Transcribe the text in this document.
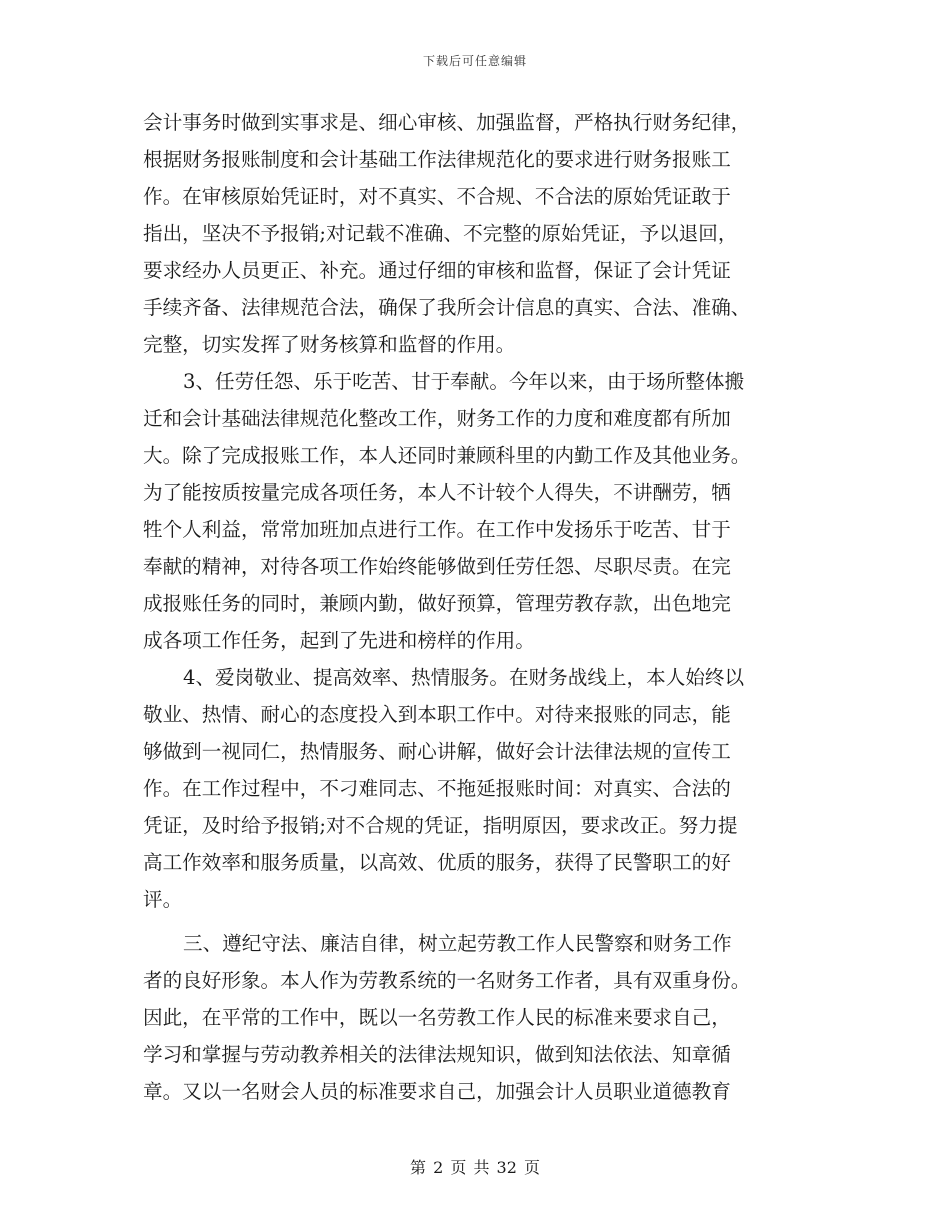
下载后可任意编辑
会计事务时做到实事求是、细心审核、加强监督，严格执行财务纪律，
根据财务报账制度和会计基础工作法律规范化的要求进行财务报账工
作。在审核原始凭证时，对不真实、不合规、不合法的原始凭证敢于
指出，坚决不予报销;对记载不准确、不完整的原始凭证，予以退回，
要求经办人员更正、补充。通过仔细的审核和监督，保证了会计凭证
手续齐备、法律规范合法，确保了我所会计信息的真实、合法、准确、
完整，切实发挥了财务核算和监督的作用。
3、任劳任怨、乐于吃苦、甘于奉献。今年以来，由于场所整体搬
迁和会计基础法律规范化整改工作，财务工作的力度和难度都有所加
大。除了完成报账工作，本人还同时兼顾科里的内勤工作及其他业务。
为了能按质按量完成各项任务，本人不计较个人得失，不讲酬劳，牺
牲个人利益，常常加班加点进行工作。在工作中发扬乐于吃苦、甘于
奉献的精神，对待各项工作始终能够做到任劳任怨、尽职尽责。在完
成报账任务的同时，兼顾内勤，做好预算，管理劳教存款，出色地完
成各项工作任务，起到了先进和榜样的作用。
4、爱岗敬业、提高效率、热情服务。在财务战线上，本人始终以
敬业、热情、耐心的态度投入到本职工作中。对待来报账的同志，能
够做到一视同仁，热情服务、耐心讲解，做好会计法律法规的宣传工
作。在工作过程中，不刁难同志、不拖延报账时间：对真实、合法的
凭证，及时给予报销;对不合规的凭证，指明原因，要求改正。努力提
高工作效率和服务质量，以高效、优质的服务，获得了民警职工的好
评。
三、遵纪守法、廉洁自律，树立起劳教工作人民警察和财务工作
者的良好形象。本人作为劳教系统的一名财务工作者，具有双重身份。
因此，在平常的工作中，既以一名劳教工作人民的标准来要求自己，
学习和掌握与劳动教养相关的法律法规知识，做到知法依法、知章循
章。又以一名财会人员的标准要求自己，加强会计人员职业道德教育
第 2 页 共 32 页
